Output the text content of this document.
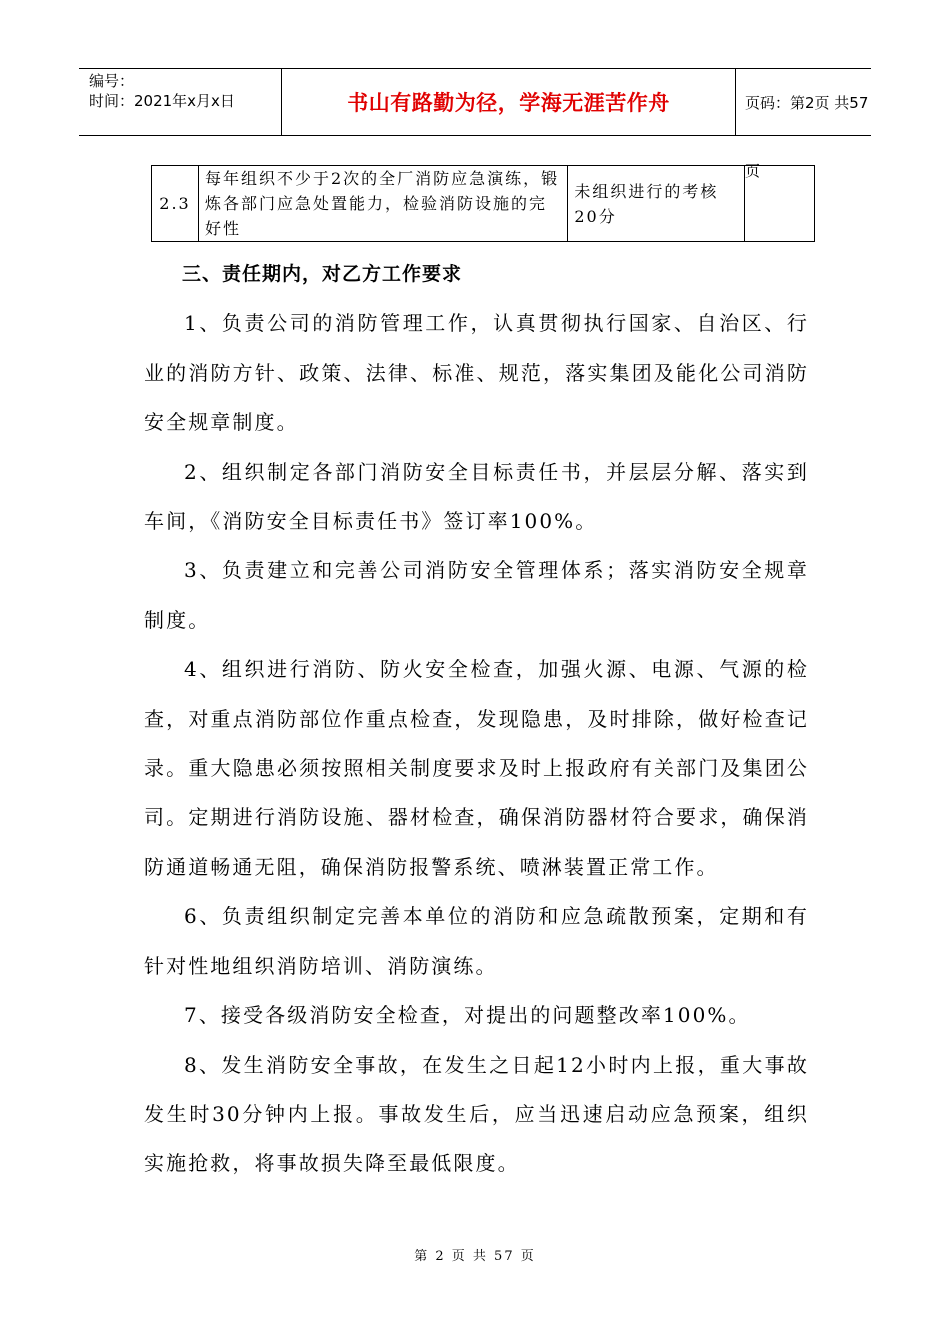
编号：
时间：2021年x月x日	书山有路勤为径，学海无涯苦作舟	页码：第2页 共57页
2.3	每年组织不少于2次的全厂消防应急演练，锻炼各部门应急处置能力，检验消防设施的完好性	未组织进行的考核20分	

三、责任期内，对乙方工作要求

1、负责公司的消防管理工作，认真贯彻执行国家、自治区、行业的消防方针、政策、法律、标准、规范，落实集团及能化公司消防安全规章制度。

2、组织制定各部门消防安全目标责任书，并层层分解、落实到车间，《消防安全目标责任书》签订率100%。

3、负责建立和完善公司消防安全管理体系；落实消防安全规章制度。

4、组织进行消防、防火安全检查，加强火源、电源、气源的检查，对重点消防部位作重点检查，发现隐患，及时排除，做好检查记录。重大隐患必须按照相关制度要求及时上报政府有关部门及集团公司。定期进行消防设施、器材检查，确保消防器材符合要求，确保消防通道畅通无阻，确保消防报警系统、喷淋装置正常工作。

6、负责组织制定完善本单位的消防和应急疏散预案，定期和有针对性地组织消防培训、消防演练。

7、接受各级消防安全检查，对提出的问题整改率100%。

8、发生消防安全事故，在发生之日起12小时内上报，重大事故发生时30分钟内上报。事故发生后，应当迅速启动应急预案，组织实施抢救，将事故损失降至最低限度。

第 2 页 共 57 页
